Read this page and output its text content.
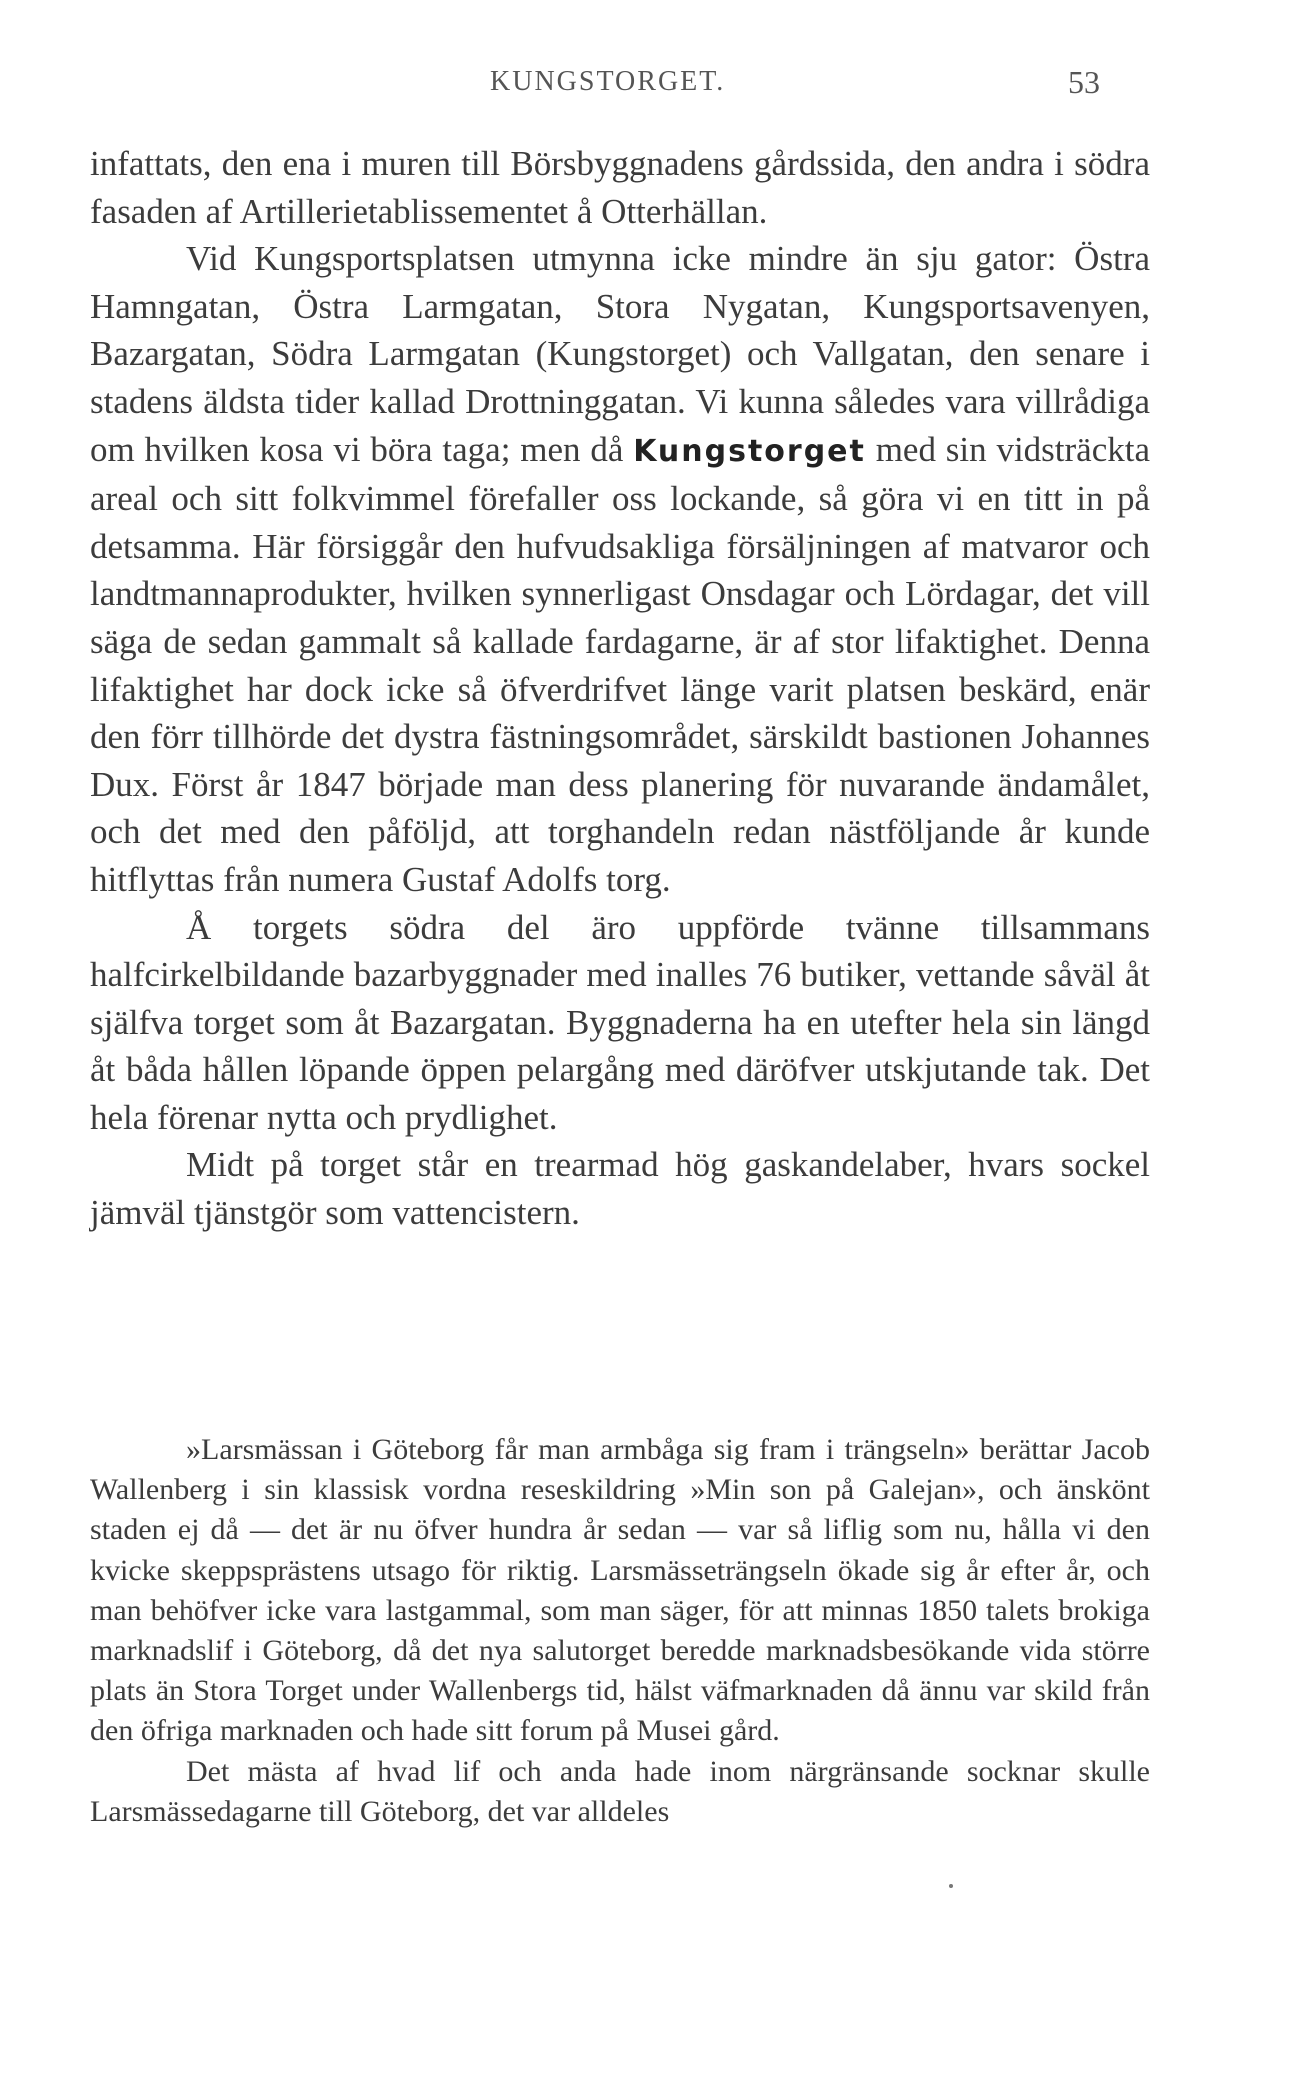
KUNGSTORGET.	53

infattats, den ena i muren till Börsbyggnadens gårdssida, den andra i södra fasaden af Artillerietablissementet å Otterhällan.

Vid Kungsportsplatsen utmynna icke mindre än sju gator: Östra Hamngatan, Östra Larmgatan, Stora Nygatan, Kungsportsavenyen, Bazargatan, Södra Larmgatan (Kungstorget) och Vallgatan, den senare i stadens äldsta tider kallad Drottninggatan. Vi kunna således vara villrådiga om hvilken kosa vi böra taga; men då Kungstorget med sin vidsträckta areal och sitt folkvimmel förefaller oss lockande, så göra vi en titt in på detsamma. Här försiggår den hufvudsakliga försäljningen af matvaror och landtmannaprodukter, hvilken synnerligast Onsdagar och Lördagar, det vill säga de sedan gammalt så kallade fardagarne, är af stor lifaktighet. Denna lifaktighet har dock icke så öfverdrifvet länge varit platsen beskärd, enär den förr tillhörde det dystra fästningsområdet, särskildt bastionen Johannes Dux. Först år 1847 började man dess planering för nuvarande ändamålet, och det med den påföljd, att torghandeln redan nästföljande år kunde hitflyttas från numera Gustaf Adolfs torg.

Å torgets södra del äro uppförde tvänne tillsammans halfcirkelbildande bazarbyggnader med inalles 76 butiker, vettande såväl åt själfva torget som åt Bazargatan. Byggnaderna ha en utefter hela sin längd åt båda hållen löpande öppen pelargång med däröfver utskjutande tak. Det hela förenar nytta och prydlighet.

Midt på torget står en trearmad hög gaskandelaber, hvars sockel jämväl tjänstgör som vattencistern.

»Larsmässan i Göteborg får man armbåga sig fram i trängseln» berättar Jacob Wallenberg i sin klassisk vordna reseskildring »Min son på Galejan», och änskönt staden ej då — det är nu öfver hundra år sedan — var så liflig som nu, hålla vi den kvicke skeppsprästens utsago för riktig. Larsmässeträngseln ökade sig år efter år, och man behöfver icke vara lastgammal, som man säger, för att minnas 1850 talets brokiga marknadslif i Göteborg, då det nya salutorget beredde marknadsbesökande vida större plats än Stora Torget under Wallenbergs tid, hälst väfmarknaden då ännu var skild från den öfriga marknaden och hade sitt forum på Musei gård.

Det mästa af hvad lif och anda hade inom närgränsande socknar skulle Larsmässedagarne till Göteborg, det var alldeles
